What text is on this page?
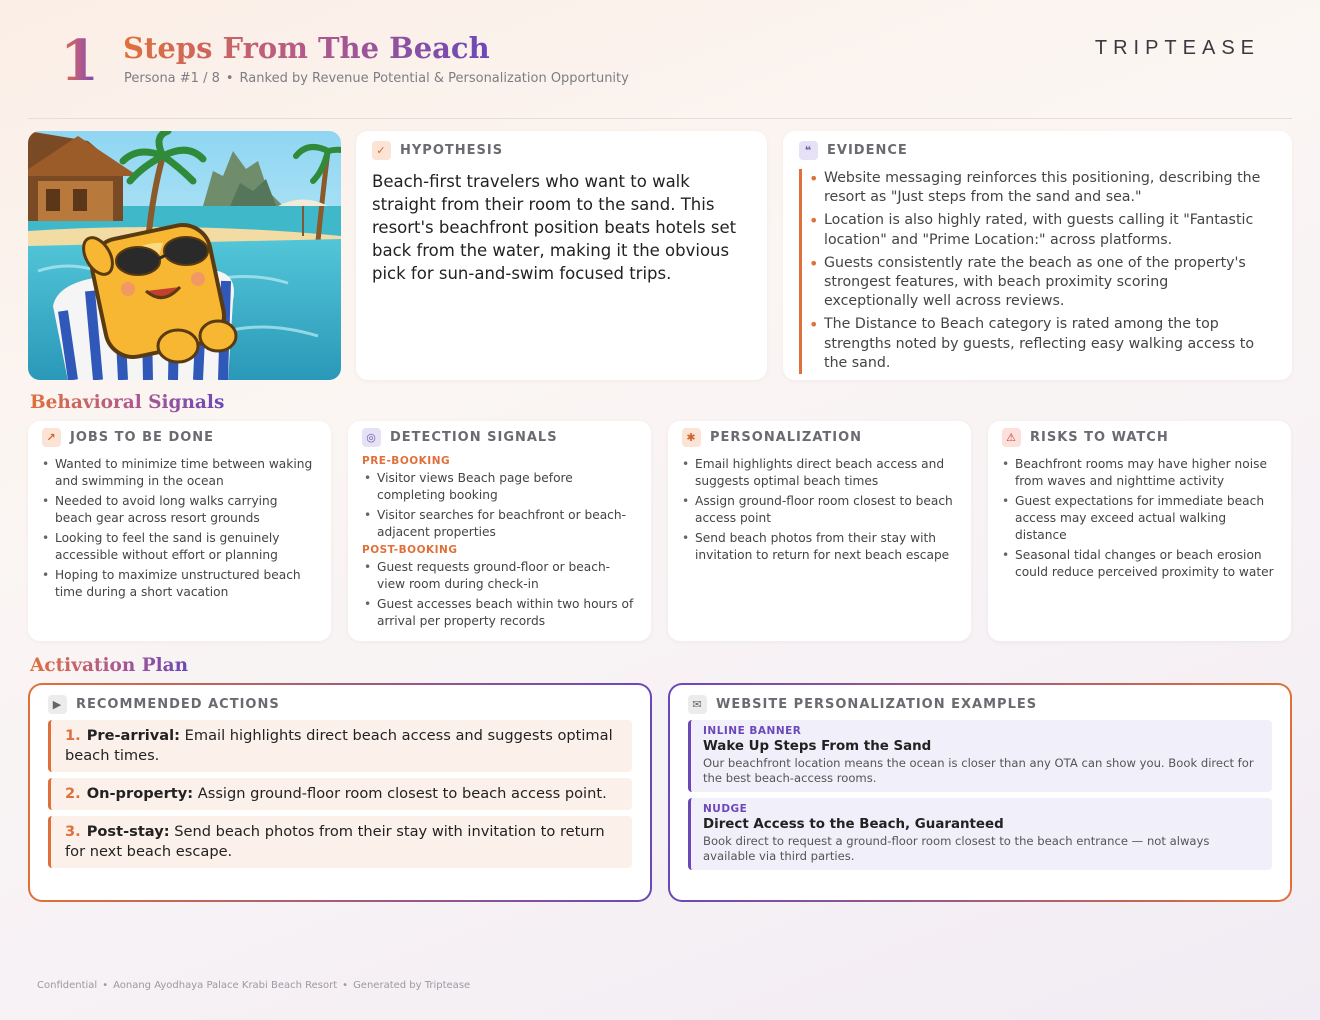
1 Steps From The Beach
Persona #1 / 8 • Ranked by Revenue Potential & Personalization Opportunity
TRIPTEASE
✓	HYPOTHESIS

Beach-first travelers who want to walk straight from their room to the sand. This resort's beachfront position beats hotels set back from the water, making it the obvious pick for sun-and-swim focused trips.

❝	EVIDENCE
• Website messaging reinforces this positioning, describing the resort as "Just steps from the sand and sea."
• Location is also highly rated, with guests calling it "Fantastic location" and "Prime Location:" across platforms.
• Guests consistently rate the beach as one of the property's strongest features, with beach proximity scoring exceptionally well across reviews.
• The Distance to Beach category is rated among the top strengths noted by guests, reflecting easy walking access to the sand.
Behavioral Signals
↗	JOBS TO BE DONE
• Wanted to minimize time between waking and swimming in the ocean
• Needed to avoid long walks carrying beach gear across resort grounds
• Looking to feel the sand is genuinely accessible without effort or planning
• Hoping to maximize unstructured beach time during a short vacation
◎	DETECTION SIGNALS
PRE-BOOKING
• Visitor views Beach page before completing booking
• Visitor searches for beachfront or beach-adjacent properties
POST-BOOKING
• Guest requests ground-floor or beach-view room during check-in
• Guest accesses beach within two hours of arrival per property records
✱	PERSONALIZATION
• Email highlights direct beach access and suggests optimal beach times
• Assign ground-floor room closest to beach access point
• Send beach photos from their stay with invitation to return for next beach escape
⚠	RISKS TO WATCH
• Beachfront rooms may have higher noise from waves and nighttime activity
• Guest expectations for immediate beach access may exceed actual walking distance
• Seasonal tidal changes or beach erosion could reduce perceived proximity to water
Activation Plan
▶	RECOMMENDED ACTIONS
1. Pre-arrival: Email highlights direct beach access and suggests optimal beach times.
2. On-property: Assign ground-floor room closest to beach access point.
3. Post-stay: Send beach photos from their stay with invitation to return for next beach escape.
✉	WEBSITE PERSONALIZATION EXAMPLES
INLINE BANNER
Wake Up Steps From the Sand
Our beachfront location means the ocean is closer than any OTA can show you. Book direct for the best beach-access rooms.
NUDGE
Direct Access to the Beach, Guaranteed
Book direct to request a ground-floor room closest to the beach entrance — not always available via third parties.
Confidential • Aonang Ayodhaya Palace Krabi Beach Resort • Generated by Triptease
